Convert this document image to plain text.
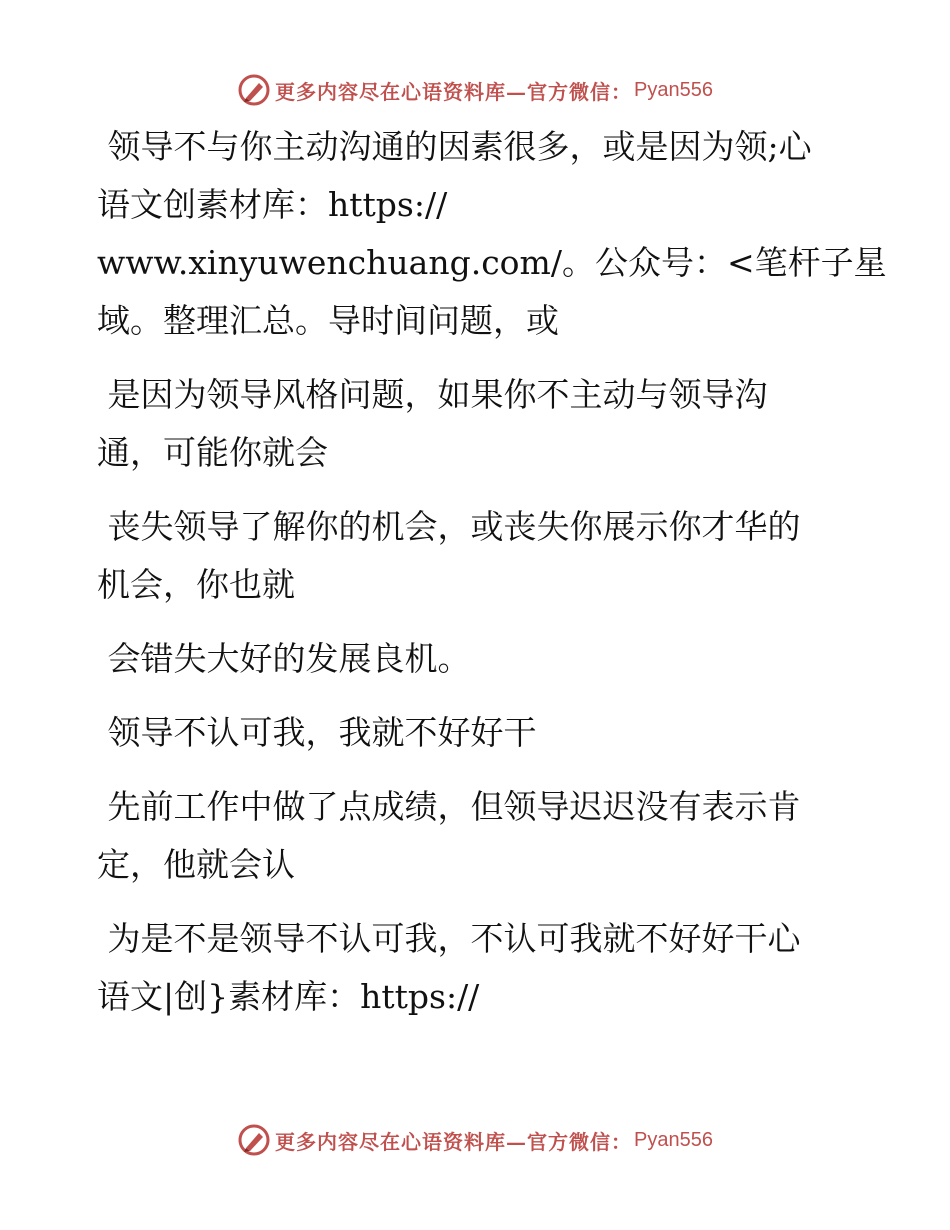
更多内容尽在心语资料库—官方微信： Pyan556

领导不与你主动沟通的因素很多，或是因为领;心
语文创素材库：https://
www.xinyuwenchuang.com/。公众号：<笔杆子星
域。整理汇总。导时间问题，或

是因为领导风格问题，如果你不主动与领导沟
通，可能你就会

丧失领导了解你的机会，或丧失你展示你才华的
机会，你也就

会错失大好的发展良机。

领导不认可我，我就不好好干

先前工作中做了点成绩，但领导迟迟没有表示肯
定，他就会认

为是不是领导不认可我，不认可我就不好好干心
语文|创}素材库：https://

更多内容尽在心语资料库—官方微信： Pyan556
